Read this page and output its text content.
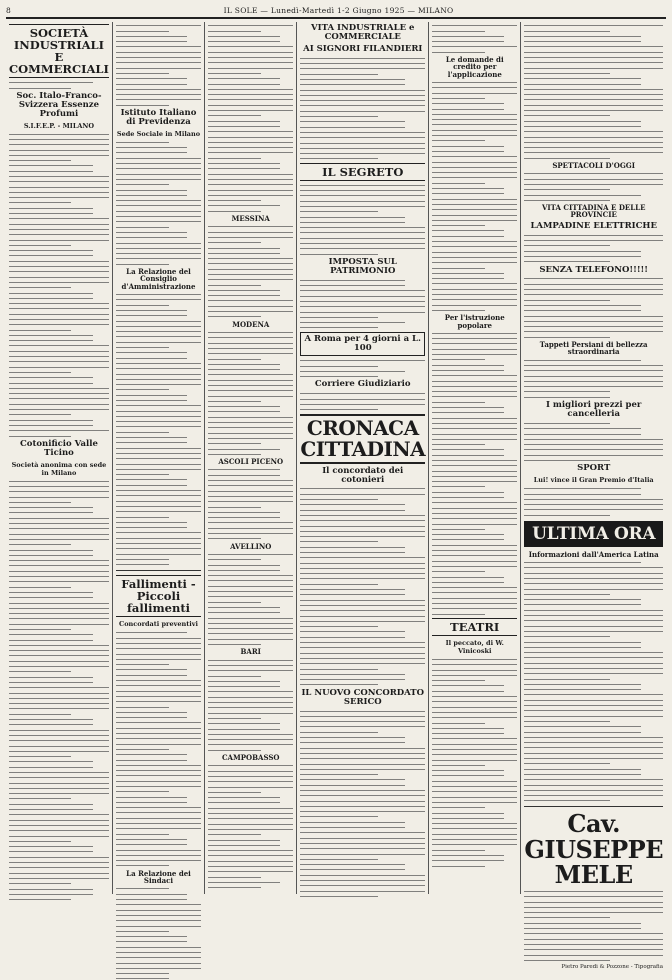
8	IL SOLE — Lunedì-Martedì 1-2 Giugno 1925 — MILANO
SOCIETÀ INDUSTRIALI E COMMERCIALI
Soc. Italo-Franco-Svizzera Essenze Profumi
S.I.F.E.P. - MILANO
Cotonificio Valle Ticino
Società anonima con sede in Milano
Istituto Italiano di Previdenza
Sede Sociale in Milano
La Relazione del Consiglio d'Amministrazione
Fallimenti - Piccoli fallimenti
Concordati preventivi
La Relazione dei Sindaci
MESSINA
MODENA
ASCOLI PICENO
AVELLINO
BARI
CAMPOBASSO
VITA INDUSTRIALE e COMMERCIALE
AI SIGNORI FILANDIERI
IL SEGRETO
IMPOSTA SUL PATRIMONIO
A Roma per 4 giorni a L. 100
Corriere Giudiziario
CRONACA CITTADINA
Il concordato dei cotonieri
IL NUOVO CONCORDATO SERICO
Le domande di credito per l'applicazione
Per l'istruzione popolare
TEATRI
Il peccato, di W. Vinicoski
SPETTACOLI D'OGGI
VITA CITTADINA E DELLE PROVINCIE
LAMPADINE ELETTRICHE
SENZA TELEFONO!!!!!
Tappeti Persiani di bellezza straordinaria
I migliori prezzi per cancelleria
SPORT
Lui! vince il Gran Premio d'Italia
ULTIMA ORA
Informazioni dall'America Latina
Cav. GIUSEPPE MELE
Pietro Paredi & Pozzone - Tipografia
